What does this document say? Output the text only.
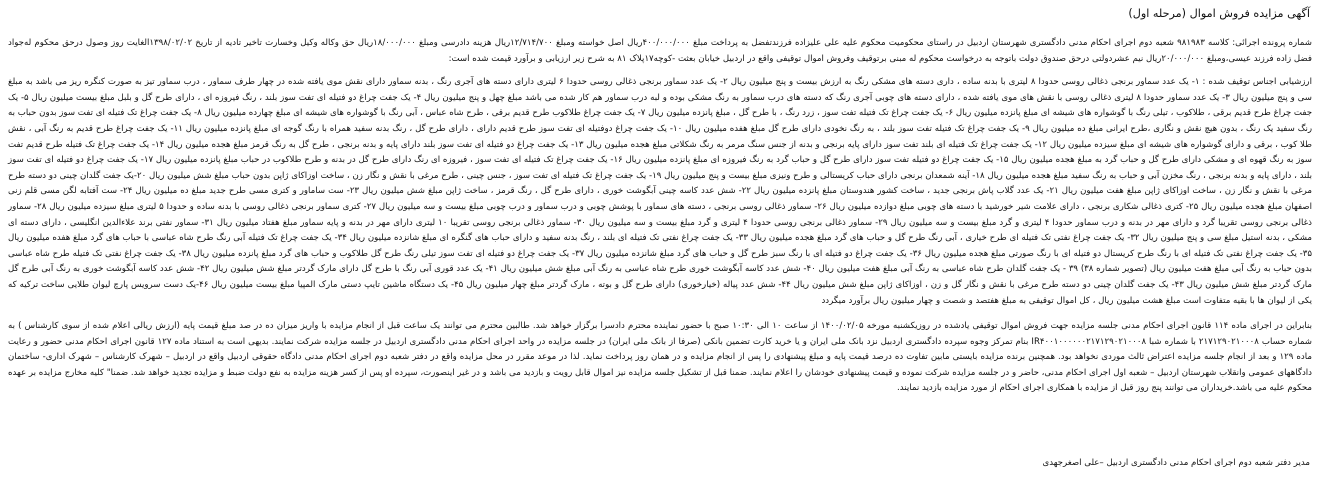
آگهی مزایده فروش اموال (مرحله اول)

شماره پرونده اجرائی: کلاسه ۹۸۱۹۸۳ شعبه دوم اجرای احکام مدنی دادگستری شهرستان اردبیل در راستای محکومیت محکوم علیه علی علیزاده فرزندتفضل به پرداخت مبلغ ۴۰۰/۰۰۰/۰۰۰ریال اصل خواسته ومبلغ ۱۲/۷۱۴/۷۰۰ریال هزینه دادرسی ومبلغ ۱۸/۰۰۰/۰۰۰ریال حق وکاله وکیل وخسارت تاخیر تادیه از تاریخ ۱۳۹۸/۰۲/۰۲الغایت روز وصول درحق محکوم له‌جواد فضل زاده فرزند عیسی،ومبلغ ۲۰/۰۰۰/۰۰۰ریال نیم عشردولتی درحق صندوق دولت باتوجه به درخواست محکوم له مبنی برتوقیف وفروش اموال توقیفی واقع در اردبیل خیابان بعثت -کوچه۱۷پلاک ۸۱ به شرح زیر ارزیابی و برآورد قیمت شده است:

ارزشیابی اجناس توقیف شده : ۱- یک عدد سماور برنجی ذغالی روسی حدودا ۸ لیتری با بدنه ساده ، داری دسته های مشکی رنگ به ارزش بیست و پنج میلیون ریال ۲- یک عدد سماور برنجی ذغالی روسی حدودا ۶ لیتری دارای دسته های آجری رنگ ، بدنه سماور دارای نقش موی یافته شده در چهار طرف سماور ، درب سماور تیز به صورت کنگره ریز می باشد به مبلغ سی و پنج میلیون ریال ۳- یک عدد سماور حدودا ۸ لیتری ذغالی روسی با نقش های موی یافته شده ، دارای دسته های چوبی آجری رنگ که دسته های درب سماور به رنگ مشکی بوده و لبه درب سماور هم کار شده می باشد مبلغ چهل و پنج میلیون ریال ۴- یک جفت چراغ دو فتیله ای تفت سوز بلند ، رنگ فیروزه ای ، دارای طرح گل و بلبل مبلغ بیست میلیون ریال ۵- یک جفت چراغ طرح قدیم برقی ، طلاکوب ، تیلی رنگ با گوشواره های شیشه ای مبلغ پانزده میلیون ریال ۶- یک جفت چراغ تک فتیله تفت سوز ، زرد رنگ ، با طرح گل ، مبلغ پانزده میلیون ریال ۷- یک جفت چراغ طلاکوب طرح قدیم برقی ، طرح شاه عباس ، آبی رنگ با گوشواره های شیشه ای مبلغ چهارده میلیون ریال ۸- یک جفت چراغ تک فتیله ای تفت سوز بدون حباب به رنگ سفید یک رنگ ، بدون هیچ نقش و نگاری ،طرح ایرانی مبلغ ده میلیون ریال ۹- یک جفت چراغ تک فتیله تفت سوز بلند ، به رنگ نخودی دارای طرح گل مبلغ هفده میلیون ریال ۱۰- یک جفت چراغ دوفتیله ای تفت سوز طرح قدیم دارای ، دارای طرح گل ، رنگ بدنه سفید همراه با رنگ گوجه ای مبلغ پانزده میلیون ریال ۱۱- یک جفت چراغ طرح قدیم به رنگ آبی ، نقش طلا کوب ، برقی و دارای گوشواره های شیشه ای مبلغ سیزده میلیون ریال ۱۲- یک جفت چراغ تک فتیله ای بلند تفت سوز دارای پایه برنجی و بدنه از جنس سنگ مرمر به رنگ شکلاتی مبلغ هجده میلیون ریال ۱۳- یک جفت چراغ دو فتیله ای تفت سوز بلند دارای پایه و بدنه برنجی ، طرح گل به رنگ قرمز مبلغ هجده میلیون ریال ۱۴- یک جفت چراغ تک فتیله طرح قدیم تفت سوز به رنگ قهوه ای و مشکی دارای طرح گل و حباب گرد به مبلغ هجده میلیون ریال ۱۵- یک جفت چراغ دو فتیله تفت سوز دارای طرح گل و حباب گرد به رنگ فیروزه ای مبلغ پانزده میلیون ریال ۱۶- یک جفت چراغ تک فتیله ای تفت سوز ، فیروزه ای رنگ دارای طرح گل در بدنه و طرح طلاکوب در حباب مبلغ پانزده میلیون ریال ۱۷- یک جفت چراغ دو فتیله ای تفت سوز بلند ، دارای پایه و بدنه برنجی ، رنگ مخزن آبی و حباب به رنگ سفید مبلغ هجده میلیون ریال ۱۸- آینه شمعدان برنجی دارای حباب کریستالی و طرح ونیزی مبلغ بیست و پنج میلیون ریال ۱۹- یک جفت چراغ تک فتیله ای تفت سوز ، جنس چینی ، طرح مرغی با نقش و نگار زن ، ساخت اوزاکای ژاپن بدون حباب مبلغ شش میلیون ریال ۲۰-یک جفت گلدان چینی دو دسته طرح مرغی با نقش و نگار زن ، ساخت اوزاکای ژاپن مبلغ هفت میلیون ریال ۲۱- یک عدد گلاب پاش برنجی جدید ، ساخت کشور هندوستان مبلغ پانزده میلیون ریال ۲۲- شش عدد کاسه چینی آبگوشت خوری ، دارای طرح گل ، رنگ قرمز ، ساخت ژاپن مبلغ شش میلیون ریال ۲۳- ست ساماور و کتری مسی طرح جدید مبلغ ده میلیون ریال ۲۴- ست آفتابه لگن مسی قلم زنی اصفهان مبلغ هجده میلیون ریال ۲۵- کتری ذغالی شکاری برنجی ، دارای علامت شیر خورشید با دسته های چوبی مبلغ دوازده میلیون ریال ۲۶- سماور ذغالی روسی برنجی ، دسته های سماور با پوشش چوبی و درب سماور و درب چوبی مبلغ بیست و سه میلیون ریال ۲۷- کتری سماور برنجی ذغالی روسی با بدنه ساده و حدودا ۵ لیتری مبلغ سیزده میلیون ریال ۲۸- سماور ذغالی برنجی روسی تقریبا گرد و دارای مهر در بدنه و درب سماور حدودا ۴ لیتری و گرد مبلغ بیست و سه میلیون ریال ۲۹- سماور ذغالی برنجی روسی حدودا ۴ لیتری و گرد مبلغ بیست و سه میلیون ریال ۳۰- سماور ذغالی برنجی روسی تقریبا ۱۰ لیتری دارای مهر در بدنه و پایه سماور مبلغ هفتاد میلیون ریال ۳۱- سماور نفتی برند علاءالدین انگلیسی ، دارای دسته ای مشکی ، بدنه استیل مبلغ سی و پنج میلیون ریال ۳۲- یک جفت چراغ نفتی تک فتیله ای طرح خیاری ، آبی رنگ طرح گل و حباب های گرد مبلغ هجده میلیون ریال ۳۳- یک جفت چراغ نفتی تک فتیله ای بلند ، رنگ بدنه سفید و دارای حباب های گنگره ای مبلغ شانزده میلیون ریال ۳۴- یک جفت چراغ تک فتیله آبی رنگ طرح شاه عباسی با حباب های گرد مبلغ هفده میلیون ریال ۳۵- یک جفت چراغ نفتی تک فتیله ای با رنگ طرح کریستال دو فتیله ای با رنگ صورتی مبلغ هجده میلیون ریال ۳۶- یک جفت چراغ دو فتیله ای با رنگ سبز طرح گل و حباب های گرد مبلغ شانزده میلیون ریال ۳۷- یک جفت چراغ دو فتیله ای تفت سوز تیلی رنگ طرح گل طلاکوب و حباب های گرد مبلغ پانزده میلیون ریال ۳۸- یک جفت چراغ نفتی تک فتیله طرح شاه عباسی بدون حباب به رنگ آبی مبلغ هفت میلیون ریال (تصویر شماره ۳۸) ۳۹ - یک جفت گلدان طرح شاه عباسی به رنگ آبی مبلغ هفت میلیون ریال ۴۰- شش عدد کاسه آبگوشت خوری طرح شاه عباسی به رنگ آبی مبلغ شش میلیون ریال ۴۱- یک عدد قوری آبی رنگ با طرح گل دارای مارک گردتر مبلغ شش میلیون ریال ۴۲- شش عدد کاسه آبگوشت خوری به رنگ آبی طرح گل مارک گردتر مبلغ شش میلیون ریال ۴۳- یک جفت گلدان چینی دو دسته طرح مرغی با نقش و نگار گل و زن ، اوزاکای ژاپن مبلغ شش میلیون ریال ۴۴- شش عدد پیاله (خیارخوری) دارای طرح گل و بوته ، مارک گردتر مبلغ چهار میلیون ریال ۴۵- یک دستگاه ماشین تایپ دستی مارک المپیا مبلغ بیست میلیون ریال ۴۶-یک دست سرویس پارچ لیوان طلایی ساخت ترکیه که یکی از لیوان ها با بقیه متفاوت است مبلغ هشت میلیون ریال ، کل اموال توقیفی به مبلغ هفتصد و شصت و چهار میلیون ریال برآورد میگردد

بنابراین در اجرای ماده ۱۱۴ قانون اجرای احکام مدنی جلسه مزایده جهت فروش اموال توقیفی یادشده در روزیکشنبه مورخه ۱۴۰۰/۰۲/۰۵ از ساعت ۱۰ الی ۱۰:۳۰ صبح با حضور نماینده محترم دادسرا برگزار خواهد شد. طالبین محترم می توانند یک ساعت قبل از انجام مزایده با واریز میزان ده در صد مبلغ قیمت پایه (ارزش ریالی اعلام شده از سوی کارشناس ) به شماره حساب ۲۱۷۱۲۹۰۲۱۰۰۰۸ با شماره شبا IR۴۰۰۱۰۰۰۰۰۰۲۱۷۱۲۹۰۲۱۰۰۰۸ بنام تمرکز وجوه سپرده دادگستری اردبیل نزد بانک ملی ایران و یا خرید کارت تضمین بانکی (صرفا از بانک ملی ایران) در جلسه مزایده در واحد اجرای احکام مدنی دادگستری اردبیل در جلسه مزایده شرکت نمایند. بدیهی است به استناد ماده ۱۲۷ قانون اجرای احکام مدنی حضور و رعایت ماده ۱۲۹ و بعد از انجام جلسه مزایده اعتراض ثالث موردی نخواهد بود. همچنین برنده مزایده بایستی مابین تفاوت ده درصد قیمت پایه و مبلغ پیشنهادی را پس از انجام مزایده و در همان روز پرداخت نماید. لذا در موعد مقرر در محل مزایده واقع در دفتر شعبه دوم اجرای احکام مدنی دادگاه حقوقی اردبیل واقع در اردبیل – شهرک کارشناس – شهرک اداری- ساختمان دادگاههای عمومی وانقلاب شهرستان اردبیل – شعبه اول اجرای احکام مدنی، حاضر و در جلسه مزایده شرکت نموده و قیمت پیشنهادی خودشان را اعلام نمایند. ضمنا قبل از تشکیل جلسه مزایده نیز اموال قابل رویت و بازدید می باشد و در غیر اینصورت، سپرده او پس از کسر هزینه مزایده به نفع دولت ضبط و مزایده تجدید خواهد شد. ضمنا" کلیه مخارج مزایده بر عهده محکوم علیه می باشد.خریداران می توانند پنج روز قبل از مزایده با همکاری اجرای احکام از مورد مزایده بازدید نمایند.

مدیر دفتر شعبه دوم اجرای احکام مدنی دادگستری اردبیل –علی اصغرجهدی
